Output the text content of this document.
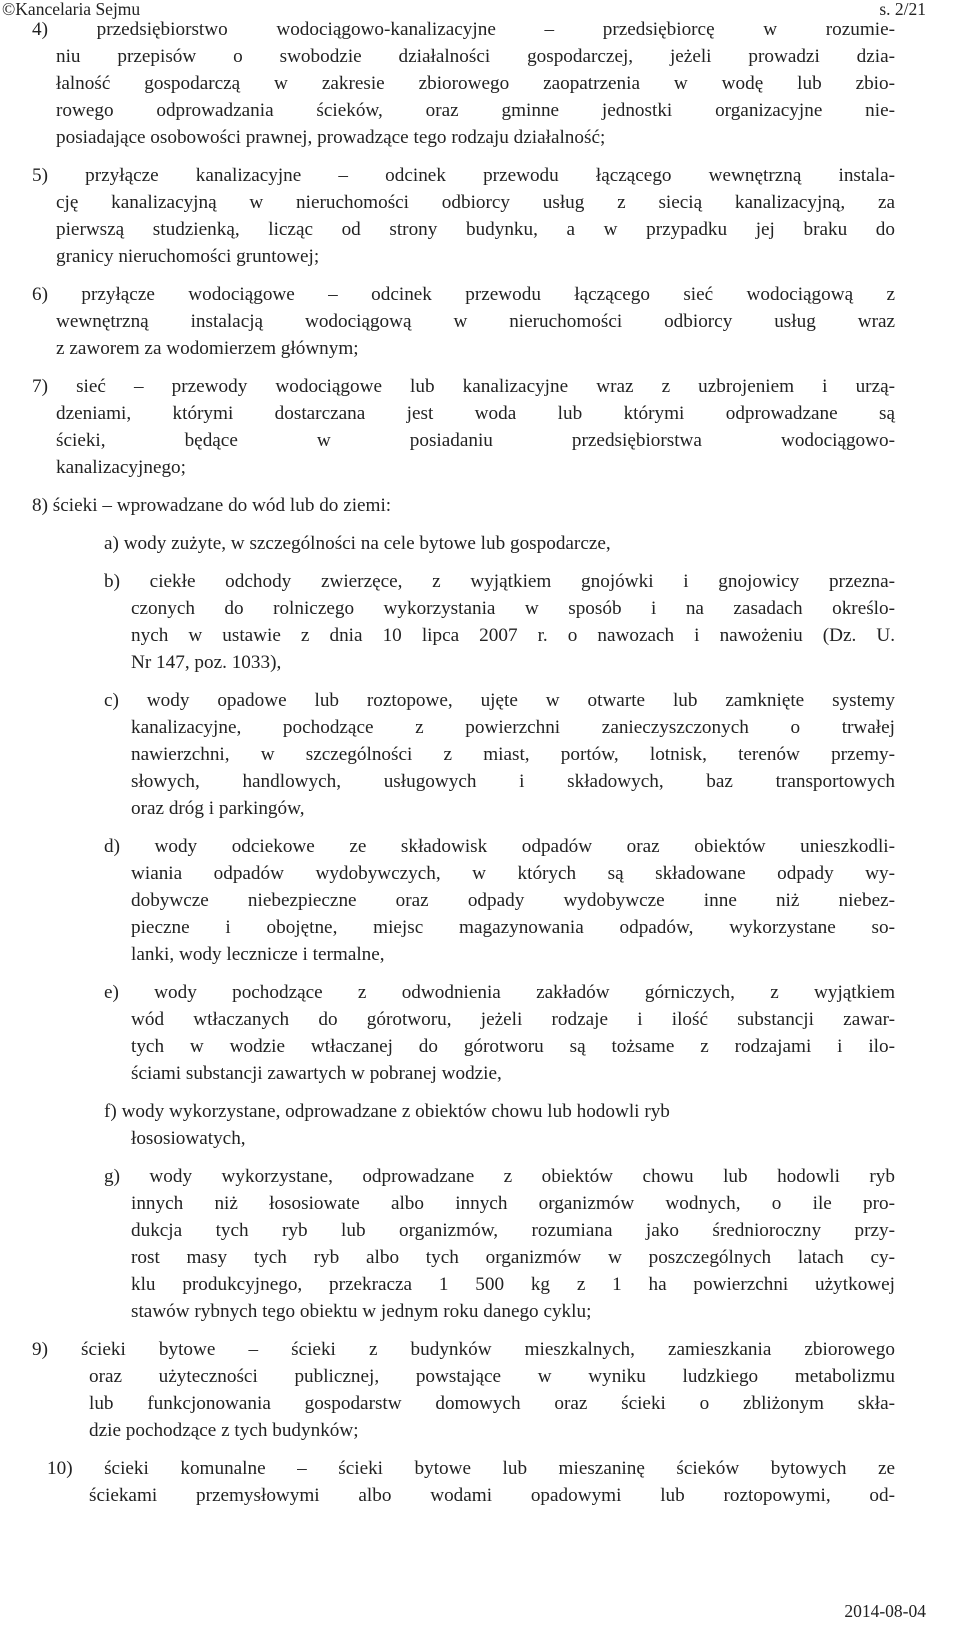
©Kancelaria Sejmu	s. 2/21
4) przedsiębiorstwo wodociągowo-kanalizacyjne – przedsiębiorcę w rozumie-
niu przepisów o swobodzie działalności gospodarczej, jeżeli prowadzi dzia-
łalność gospodarczą w zakresie zbiorowego zaopatrzenia w wodę lub zbio-
rowego odprowadzania ścieków, oraz gminne jednostki organizacyjne nie-
posiadające osobowości prawnej, prowadzące tego rodzaju działalność;
5) przyłącze kanalizacyjne – odcinek przewodu łączącego wewnętrzną instala-
cję kanalizacyjną w nieruchomości odbiorcy usług z siecią kanalizacyjną, za
pierwszą studzienką, licząc od strony budynku, a w przypadku jej braku do
granicy nieruchomości gruntowej;
6) przyłącze wodociągowe – odcinek przewodu łączącego sieć wodociągową z
wewnętrzną instalacją wodociągową w nieruchomości odbiorcy usług wraz
z zaworem za wodomierzem głównym;
7) sieć – przewody wodociągowe lub kanalizacyjne wraz z uzbrojeniem i urzą-
dzeniami, którymi dostarczana jest woda lub którymi odprowadzane są
ścieki, będące w posiadaniu przedsiębiorstwa wodociągowo-
kanalizacyjnego;
8) ścieki – wprowadzane do wód lub do ziemi:
a) wody zużyte, w szczególności na cele bytowe lub gospodarcze,
b) ciekłe odchody zwierzęce, z wyjątkiem gnojówki i gnojowicy przezna-
czonych do rolniczego wykorzystania w sposób i na zasadach określo-
nych w ustawie z dnia 10 lipca 2007 r. o nawozach i nawożeniu (Dz. U.
Nr 147, poz. 1033),
c) wody opadowe lub roztopowe, ujęte w otwarte lub zamknięte systemy
kanalizacyjne, pochodzące z powierzchni zanieczyszczonych o trwałej
nawierzchni, w szczególności z miast, portów, lotnisk, terenów przemy-
słowych, handlowych, usługowych i składowych, baz transportowych
oraz dróg i parkingów,
d) wody odciekowe ze składowisk odpadów oraz obiektów unieszkodli-
wiania odpadów wydobywczych, w których są składowane odpady wy-
dobywcze niebezpieczne oraz odpady wydobywcze inne niż niebez-
pieczne i obojętne, miejsc magazynowania odpadów, wykorzystane so-
lanki, wody lecznicze i termalne,
e) wody pochodzące z odwodnienia zakładów górniczych, z wyjątkiem
wód wtłaczanych do górotworu, jeżeli rodzaje i ilość substancji zawar-
tych w wodzie wtłaczanej do górotworu są tożsame z rodzajami i ilo-
ściami substancji zawartych w pobranej wodzie,
f) wody wykorzystane, odprowadzane z obiektów chowu lub hodowli ryb
łososiowatych,
g) wody wykorzystane, odprowadzane z obiektów chowu lub hodowli ryb
innych niż łososiowate albo innych organizmów wodnych, o ile pro-
dukcja tych ryb lub organizmów, rozumiana jako średnioroczny przy-
rost masy tych ryb albo tych organizmów w poszczególnych latach cy-
klu produkcyjnego, przekracza 1 500 kg z 1 ha powierzchni użytkowej
stawów rybnych tego obiektu w jednym roku danego cyklu;
9) ścieki bytowe – ścieki z budynków mieszkalnych, zamieszkania zbiorowego
oraz użyteczności publicznej, powstające w wyniku ludzkiego metabolizmu
lub funkcjonowania gospodarstw domowych oraz ścieki o zbliżonym skła-
dzie pochodzące z tych budynków;
10) ścieki komunalne – ścieki bytowe lub mieszaninę ścieków bytowych ze
ściekami przemysłowymi albo wodami opadowymi lub roztopowymi, od-
2014-08-04
